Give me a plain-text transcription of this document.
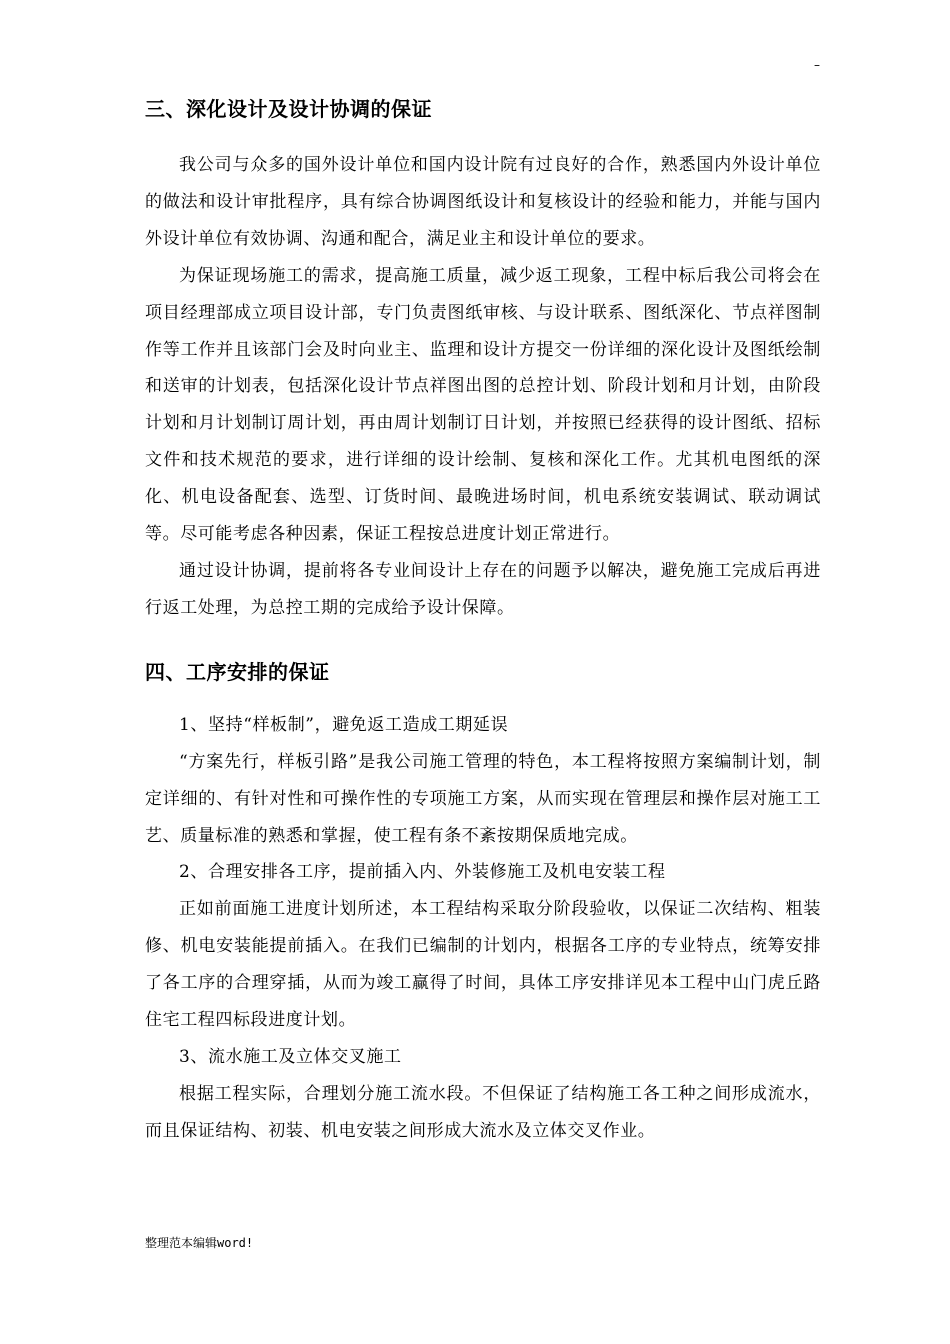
–
三、深化设计及设计协调的保证

我公司与众多的国外设计单位和国内设计院有过良好的合作，熟悉国内外设计单位的做法和设计审批程序，具有综合协调图纸设计和复核设计的经验和能力，并能与国内外设计单位有效协调、沟通和配合，满足业主和设计单位的要求。

为保证现场施工的需求，提高施工质量，减少返工现象，工程中标后我公司将会在项目经理部成立项目设计部，专门负责图纸审核、与设计联系、图纸深化、节点祥图制作等工作并且该部门会及时向业主、监理和设计方提交一份详细的深化设计及图纸绘制和送审的计划表，包括深化设计节点祥图出图的总控计划、阶段计划和月计划，由阶段计划和月计划制订周计划，再由周计划制订日计划，并按照已经获得的设计图纸、招标文件和技术规范的要求，进行详细的设计绘制、复核和深化工作。尤其机电图纸的深化、机电设备配套、选型、订货时间、最晚进场时间，机电系统安装调试、联动调试等。尽可能考虑各种因素，保证工程按总进度计划正常进行。

通过设计协调，提前将各专业间设计上存在的问题予以解决，避免施工完成后再进行返工处理，为总控工期的完成给予设计保障。

四、工序安排的保证

1、坚持“样板制”，避免返工造成工期延误

“方案先行，样板引路”是我公司施工管理的特色，本工程将按照方案编制计划，制定详细的、有针对性和可操作性的专项施工方案，从而实现在管理层和操作层对施工工艺、质量标准的熟悉和掌握，使工程有条不紊按期保质地完成。

2、合理安排各工序，提前插入内、外装修施工及机电安装工程

正如前面施工进度计划所述，本工程结构采取分阶段验收，以保证二次结构、粗装修、机电安装能提前插入。在我们已编制的计划内，根据各工序的专业特点，统筹安排了各工序的合理穿插，从而为竣工赢得了时间，具体工序安排详见本工程中山门虎丘路住宅工程四标段进度计划。

3、流水施工及立体交叉施工

根据工程实际，合理划分施工流水段。不但保证了结构施工各工种之间形成流水，而且保证结构、初装、机电安装之间形成大流水及立体交叉作业。

整理范本编辑word!
